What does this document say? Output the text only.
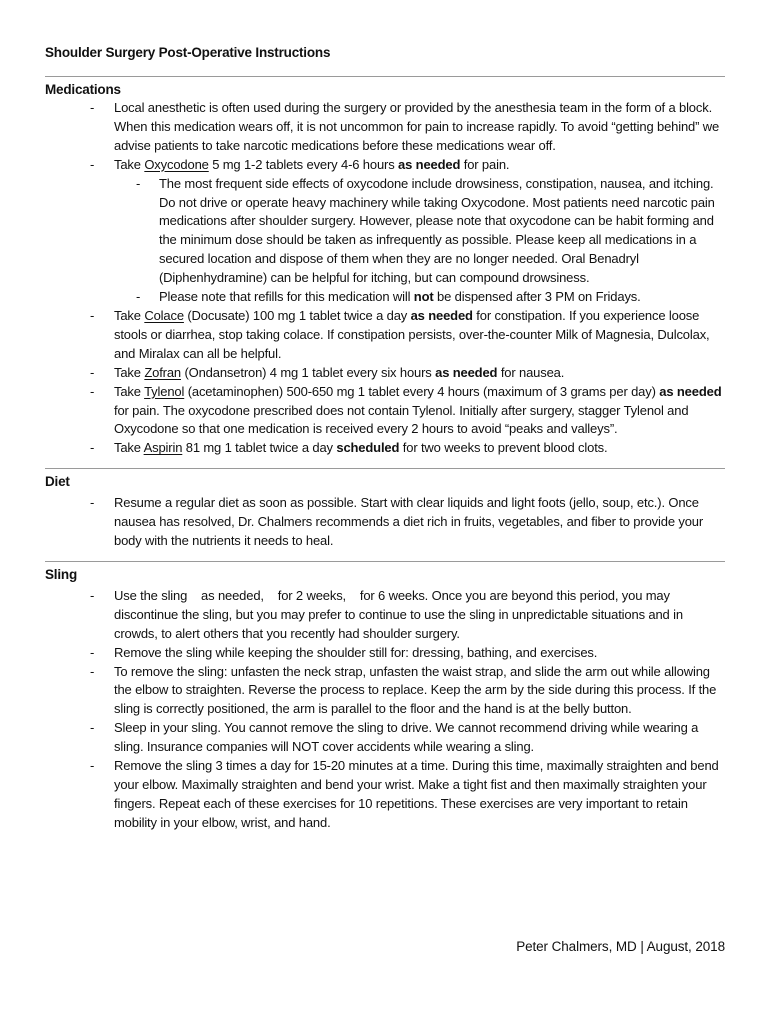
Shoulder Surgery Post-Operative Instructions
Medications
- Local anesthetic is often used during the surgery or provided by the anesthesia team in the form of a block. When this medication wears off, it is not uncommon for pain to increase rapidly. To avoid “getting behind” we advise patients to take narcotic medications before these medications wear off.
- Take Oxycodone 5 mg 1-2 tablets every 4-6 hours as needed for pain.
- The most frequent side effects of oxycodone include drowsiness, constipation, nausea, and itching. Do not drive or operate heavy machinery while taking Oxycodone. Most patients need narcotic pain medications after shoulder surgery. However, please note that oxycodone can be habit forming and the minimum dose should be taken as infrequently as possible. Please keep all medications in a secured location and dispose of them when they are no longer needed. Oral Benadryl (Diphenhydramine) can be helpful for itching, but can compound drowsiness.
- Please note that refills for this medication will not be dispensed after 3 PM on Fridays.
- Take Colace (Docusate) 100 mg 1 tablet twice a day as needed for constipation. If you experience loose stools or diarrhea, stop taking colace. If constipation persists, over-the-counter Milk of Magnesia, Dulcolax, and Miralax can all be helpful.
- Take Zofran (Ondansetron) 4 mg 1 tablet every six hours as needed for nausea.
- Take Tylenol (acetaminophen) 500-650 mg 1 tablet every 4 hours (maximum of 3 grams per day) as needed for pain. The oxycodone prescribed does not contain Tylenol. Initially after surgery, stagger Tylenol and Oxycodone so that one medication is received every 2 hours to avoid “peaks and valleys”.
- Take Aspirin 81 mg 1 tablet twice a day scheduled for two weeks to prevent blood clots.
Diet
- Resume a regular diet as soon as possible. Start with clear liquids and light foots (jello, soup, etc.). Once nausea has resolved, Dr. Chalmers recommends a diet rich in fruits, vegetables, and fiber to provide your body with the nutrients it needs to heal.
Sling
- Use the sling    as needed,    for 2 weeks,    for 6 weeks. Once you are beyond this period, you may discontinue the sling, but you may prefer to continue to use the sling in unpredictable situations and in crowds, to alert others that you recently had shoulder surgery.
- Remove the sling while keeping the shoulder still for: dressing, bathing, and exercises.
- To remove the sling: unfasten the neck strap, unfasten the waist strap, and slide the arm out while allowing the elbow to straighten. Reverse the process to replace. Keep the arm by the side during this process. If the sling is correctly positioned, the arm is parallel to the floor and the hand is at the belly button.
- Sleep in your sling. You cannot remove the sling to drive. We cannot recommend driving while wearing a sling. Insurance companies will NOT cover accidents while wearing a sling.
- Remove the sling 3 times a day for 15-20 minutes at a time. During this time, maximally straighten and bend your elbow. Maximally straighten and bend your wrist. Make a tight fist and then maximally straighten your fingers. Repeat each of these exercises for 10 repetitions. These exercises are very important to retain mobility in your elbow, wrist, and hand.
Peter Chalmers, MD | August, 2018
